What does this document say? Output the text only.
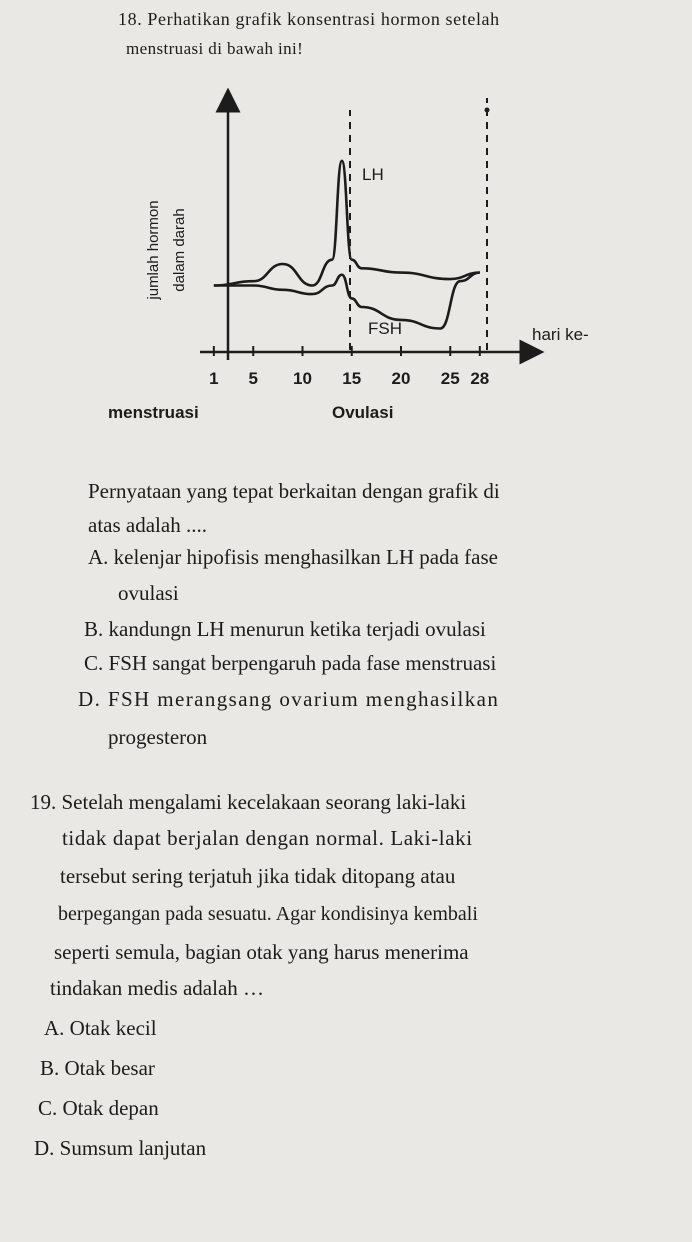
18. Perhatikan grafik konsentrasi hormon setelah
menstruasi di bawah ini!
jumlah hormon dalam darah
LH
FSH	hari ke-
1 5 10 15 20 25 28
menstruasi	Ovulasi
Pernyataan yang tepat berkaitan dengan grafik di
atas adalah ....
A. kelenjar hipofisis menghasilkan LH pada fase
ovulasi
B. kandungn LH menurun ketika terjadi ovulasi
C. FSH sangat berpengaruh pada fase menstruasi
D. FSH merangsang ovarium menghasilkan
progesteron
19. Setelah mengalami kecelakaan seorang laki-laki
tidak dapat berjalan dengan normal. Laki-laki
tersebut sering terjatuh jika tidak ditopang atau
berpegangan pada sesuatu. Agar kondisinya kembali
seperti semula, bagian otak yang harus menerima
tindakan medis adalah …
A. Otak kecil
B. Otak besar
C. Otak depan
D. Sumsum lanjutan
